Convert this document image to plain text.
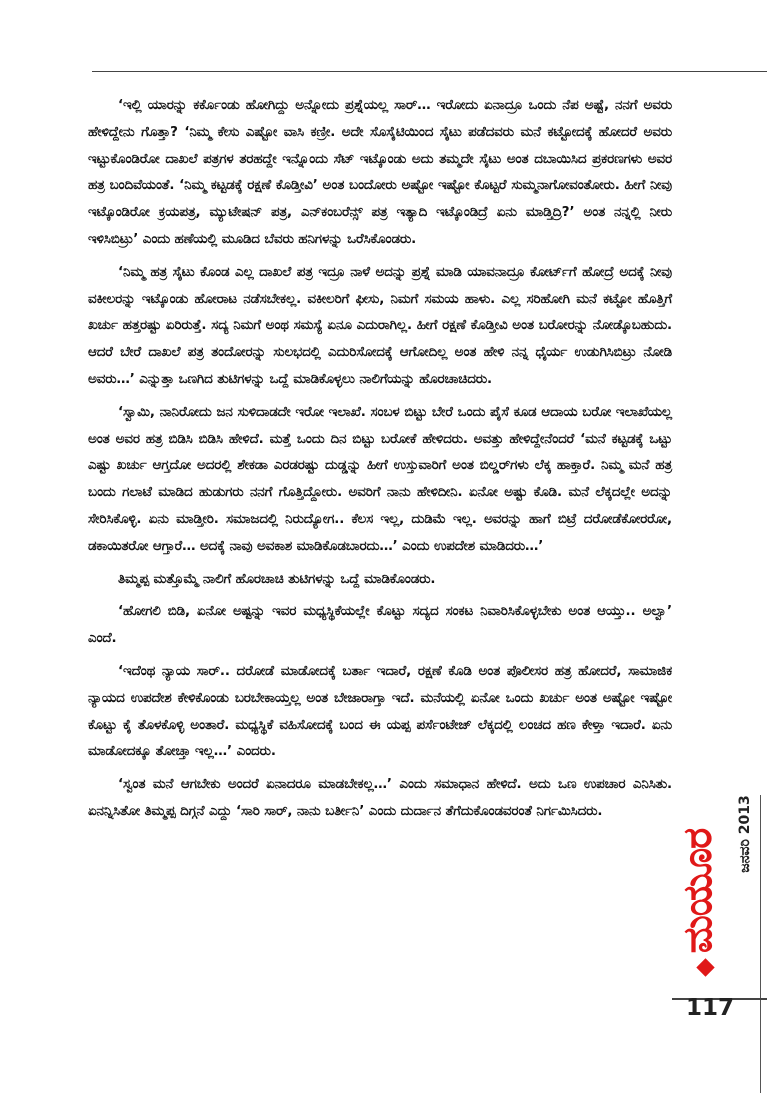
‘ಇಲ್ಲಿ ಯಾರನ್ನು ಕರ್ಕೊಂಡು ಹೋಗಿದ್ದು ಅನ್ನೋದು ಪ್ರಶ್ನೆಯಲ್ಲ ಸಾರ್… ಇರೋದು ಏನಾದ್ರೂ ಒಂದು ನೆಪ ಅಷ್ಟೆ, ನನಗೆ ಅವರು ಹೇಳಿದ್ದೇನು ಗೊತ್ತಾ? ‘ನಿಮ್ಮ ಕೇಸು ಎಷ್ಟೋ ವಾಸಿ ಕಣ್ರೀ. ಅದೇ ಸೊಸೈಟಿಯಿಂದ ಸೈಟು ಪಡೆದವರು ಮನೆ ಕಟ್ಟೋದಕ್ಕೆ ಹೋದರೆ ಅವರು ಇಟ್ಟುಕೊಂಡಿರೋ ದಾಖಲೆ ಪತ್ರಗಳ ತರಹದ್ದೇ ಇನ್ನೊಂದು ಸೆಟ್ ಇಟ್ಕೊಂಡು ಅದು ತಮ್ಮದೇ ಸೈಟು ಅಂತ ದಬಾಯಿಸಿದ ಪ್ರಕರಣಗಳು ಅವರ ಹತ್ರ ಬಂದಿವೆಯಂತೆ. ‘ನಿಮ್ಮ ಕಟ್ಟಡಕ್ಕೆ ರಕ್ಷಣೆ ಕೊಡ್ತೀವಿ’ ಅಂತ ಬಂದೋರು ಅಷ್ಟೋ ಇಷ್ಟೋ ಕೊಟ್ಟರೆ ಸುಮ್ಮನಾಗೋವಂತೋರು. ಹೀಗೆ ನೀವು ಇಟ್ಕೊಂಡಿರೋ ಕ್ರಯಪತ್ರ, ಮ್ಯುಟೇಷನ್ ಪತ್ರ, ಎನ್‌ಕಂಬರೆನ್ಸ್ ಪತ್ರ ಇತ್ಯಾದಿ ಇಟ್ಕೊಂಡಿದ್ರೆ ಏನು ಮಾಡ್ತಿದ್ರಿ?’ ಅಂತ ನನ್ನಲ್ಲಿ ನೀರು ಇಳಿಸಿಬಿಟ್ರು’ ಎಂದು ಹಣೆಯಲ್ಲಿ ಮೂಡಿದ ಬೆವರು ಹನಿಗಳನ್ನು ಒರೆಸಿಕೊಂಡರು.

‘ನಿಮ್ಮ ಹತ್ರ ಸೈಟು ಕೊಂಡ ಎಲ್ಲ ದಾಖಲೆ ಪತ್ರ ಇದ್ರೂ ನಾಳೆ ಅದನ್ನು ಪ್ರಶ್ನೆ ಮಾಡಿ ಯಾವನಾದ್ರೂ ಕೋರ್ಟ್‌ಗೆ ಹೋದ್ರೆ ಅದಕ್ಕೆ ನೀವು ವಕೀಲರನ್ನು ಇಟ್ಕೊಂಡು ಹೋರಾಟ ನಡೆಸಬೇಕಲ್ಲ. ವಕೀಲರಿಗೆ ಫೀಸು, ನಿಮಗೆ ಸಮಯ ಹಾಳು. ಎಲ್ಲ ಸರಿಹೋಗಿ ಮನೆ ಕಟ್ಟೋ ಹೊತ್ತಿಗೆ ಖರ್ಚು ಹತ್ತರಷ್ಟು ಏರಿರುತ್ತೆ. ಸದ್ಯ ನಿಮಗೆ ಅಂಥ ಸಮಸ್ಯೆ ಏನೂ ಎದುರಾಗಿಲ್ಲ. ಹೀಗೆ ರಕ್ಷಣೆ ಕೊಡ್ತೀವಿ ಅಂತ ಬರೋರನ್ನು ನೋಡ್ಕೊಬಹುದು. ಆದರೆ ಬೇರೆ ದಾಖಲೆ ಪತ್ರ ತಂದೋರನ್ನು ಸುಲಭದಲ್ಲಿ ಎದುರಿಸೋದಕ್ಕೆ ಆಗೋದಿಲ್ಲ ಅಂತ ಹೇಳಿ ನನ್ನ ಧೈರ್ಯ ಉಡುಗಿಸಿಬಿಟ್ರು ನೋಡಿ ಅವರು…’ ಎನ್ನುತ್ತಾ ಒಣಗಿದ ತುಟಿಗಳನ್ನು ಒದ್ದೆ ಮಾಡಿಕೊಳ್ಳಲು ನಾಲಿಗೆಯನ್ನು ಹೊರಚಾಚಿದರು.

‘ಸ್ವಾಮಿ, ನಾನಿರೋದು ಜನ ಸುಳಿದಾಡದೇ ಇರೋ ಇಲಾಖೆ. ಸಂಬಳ ಬಿಟ್ಟು ಬೇರೆ ಒಂದು ಪೈಸೆ ಕೂಡ ಆದಾಯ ಬರೋ ಇಲಾಖೆಯಲ್ಲ ಅಂತ ಅವರ ಹತ್ರ ಬಿಡಿಸಿ ಬಿಡಿಸಿ ಹೇಳಿದೆ. ಮತ್ತೆ ಒಂದು ದಿನ ಬಿಟ್ಟು ಬರೋಕೆ ಹೇಳಿದರು. ಅವತ್ತು ಹೇಳಿದ್ದೇನೆಂದರೆ ‘ಮನೆ ಕಟ್ಟಡಕ್ಕೆ ಒಟ್ಟು ಎಷ್ಟು ಖರ್ಚು ಆಗ್ತದೋ ಅದರಲ್ಲಿ ಶೇಕಡಾ ಎರಡರಷ್ಟು ದುಡ್ಡನ್ನು ಹೀಗೆ ಉಸ್ತುವಾರಿಗೆ ಅಂತ ಬಿಲ್ಡರ್‌ಗಳು ಲೆಕ್ಕ ಹಾಕ್ತಾರೆ. ನಿಮ್ಮ ಮನೆ ಹತ್ರ ಬಂದು ಗಲಾಟೆ ಮಾಡಿದ ಹುಡುಗರು ನನಗೆ ಗೊತ್ತಿದ್ದೋರು. ಅವರಿಗೆ ನಾನು ಹೇಳಿದೀನಿ. ಏನೋ ಅಷ್ಟು ಕೊಡಿ. ಮನೆ ಲೆಕ್ಕದಲ್ಲೇ ಅದನ್ನು ಸೇರಿಸಿಕೊಳ್ಳಿ. ಏನು ಮಾಡ್ತೀರಿ. ಸಮಾಜದಲ್ಲಿ ನಿರುದ್ಯೋಗ.. ಕೆಲಸ ಇಲ್ಲ, ದುಡಿಮೆ ಇಲ್ಲ. ಅವರನ್ನು ಹಾಗೆ ಬಿಟ್ರೆ ದರೋಡೆಕೋರರೋ, ಡಕಾಯಿತರೋ ಆಗ್ತಾರೆ… ಅದಕ್ಕೆ ನಾವು ಅವಕಾಶ ಮಾಡಿಕೊಡಬಾರದು…’ ಎಂದು ಉಪದೇಶ ಮಾಡಿದರು…’

ತಿಮ್ಮಪ್ಪ ಮತ್ತೊಮ್ಮೆ ನಾಲಿಗೆ ಹೊರಚಾಚಿ ತುಟಿಗಳನ್ನು ಒದ್ದೆ ಮಾಡಿಕೊಂಡರು.

‘ಹೋಗಲಿ ಬಿಡಿ, ಏನೋ ಅಷ್ಟನ್ನು ಇವರ ಮಧ್ಯಸ್ಥಿಕೆಯಲ್ಲೇ ಕೊಟ್ಟು ಸದ್ಯದ ಸಂಕಟ ನಿವಾರಿಸಿಕೊಳ್ಳಬೇಕು ಅಂತ ಆಯ್ತು.. ಅಲ್ವಾ’ ಎಂದೆ.

‘ಇದೆಂಥ ನ್ಯಾಯ ಸಾರ್.. ದರೋಡೆ ಮಾಡೋದಕ್ಕೆ ಬರ್ತಾ ಇದಾರೆ, ರಕ್ಷಣೆ ಕೊಡಿ ಅಂತ ಪೊಲೀಸರ ಹತ್ರ ಹೋದರೆ, ಸಾಮಾಜಿಕ ನ್ಯಾಯದ ಉಪದೇಶ ಕೇಳಿಕೊಂಡು ಬರಬೇಕಾಯ್ತಲ್ಲ ಅಂತ ಬೇಜಾರಾಗ್ತಾ ಇದೆ. ಮನೆಯಲ್ಲಿ ಏನೋ ಒಂದು ಖರ್ಚು ಅಂತ ಅಷ್ಟೋ ಇಷ್ಟೋ ಕೊಟ್ಟು ಕೈ ತೊಳಕೊಳ್ಳಿ ಅಂತಾರೆ. ಮಧ್ಯಸ್ಥಿಕೆ ವಹಿಸೋದಕ್ಕೆ ಬಂದ ಈ ಯಪ್ಪ ಪರ್ಸೆಂಟೇಜ್ ಲೆಕ್ಕದಲ್ಲಿ ಲಂಚದ ಹಣ ಕೇಳ್ತಾ ಇದಾರೆ. ಏನು ಮಾಡೋದಕ್ಕೂ ತೋಚ್ತಾ ಇಲ್ಲ…’ ಎಂದರು.

‘ಸ್ವಂತ ಮನೆ ಆಗಬೇಕು ಅಂದರೆ ಏನಾದರೂ ಮಾಡಬೇಕಲ್ಲ…’ ಎಂದು ಸಮಾಧಾನ ಹೇಳಿದೆ. ಅದು ಒಣ ಉಪಚಾರ ಎನಿಸಿತು. ಏನನ್ನಿಸಿತೋ ತಿಮ್ಮಪ್ಪ ದಿಗ್ಗನೆ ಎದ್ದು ‘ಸಾರಿ ಸಾರ್, ನಾನು ಬರ್ತೀನಿ’ ಎಂದು ದುರ್ದಾನ ತೆಗೆದುಕೊಂಡವರಂತೆ ನಿರ್ಗಮಿಸಿದರು.	ಜನವರಿ 2013
ಮಯೂರ
117
